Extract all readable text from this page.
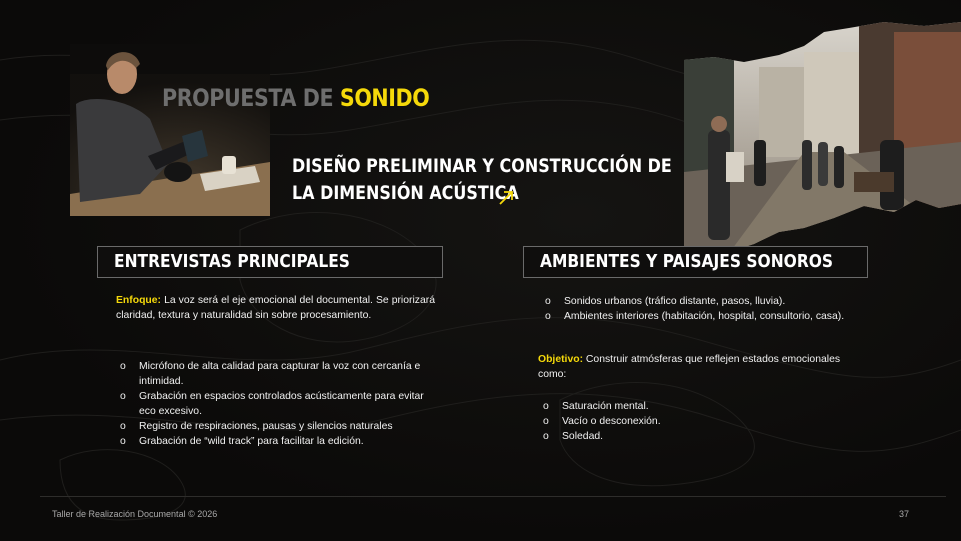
PROPUESTA DE SONIDO
DISEÑO PRELIMINAR Y CONSTRUCCIÓN DE
LA DIMENSIÓN ACÚSTICA
ENTREVISTAS PRINCIPALES	AMBIENTES Y PAISAJES SONOROS

Enfoque: La voz será el eje emocional del documental. Se priorizará claridad, textura y naturalidad sin sobre procesamiento.

o Micrófono de alta calidad para capturar la voz con cercanía e intimidad.
o Grabación en espacios controlados acústicamente para evitar eco excesivo.
o Registro de respiraciones, pausas y silencios naturales
o Grabación de “wild track” para facilitar la edición.
o Sonidos urbanos (tráfico distante, pasos, lluvia).
o Ambientes interiores (habitación, hospital, consultorio, casa).

Objetivo: Construir atmósferas que reflejen estados emocionales como:

o Saturación mental.
o Vacío o desconexión.
o Soledad.
Taller de Realización Documental © 2026	37
